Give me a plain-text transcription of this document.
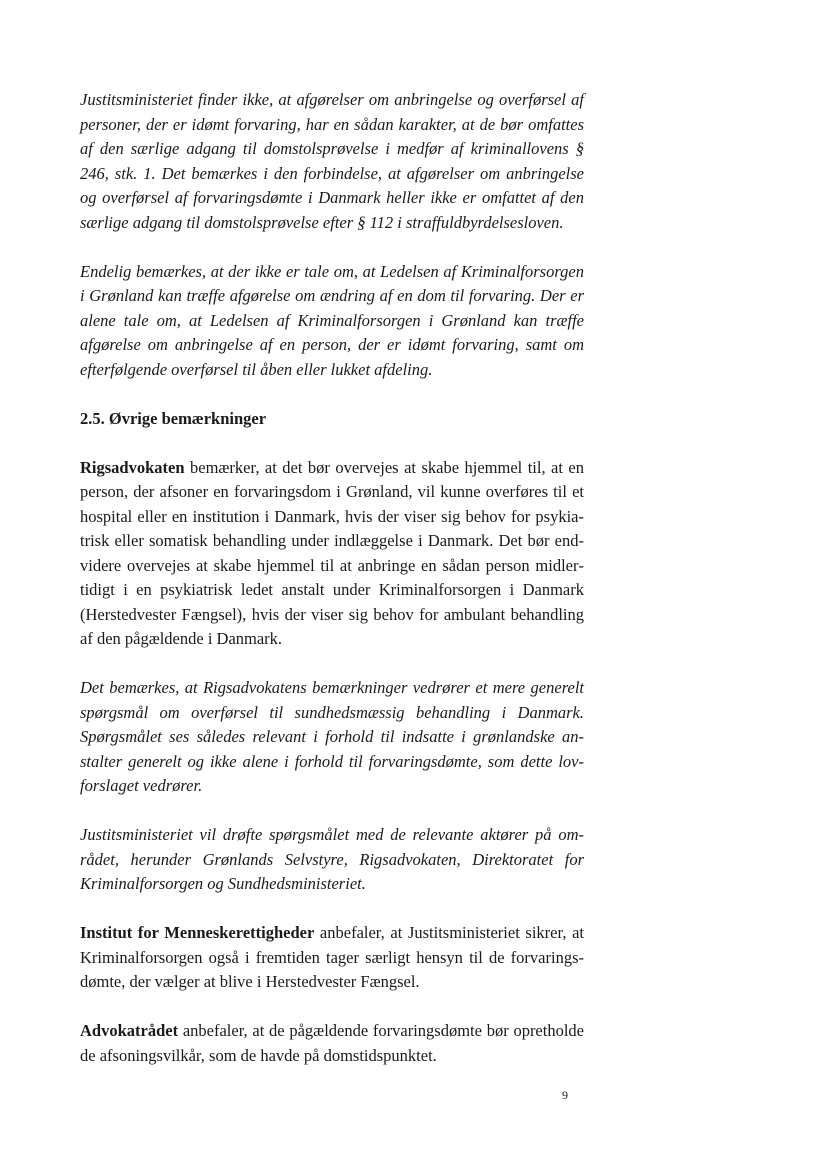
Justitsministeriet finder ikke, at afgørelser om anbringelse og overførsel af personer, der er idømt forvaring, har en sådan karakter, at de bør omfattes af den særlige adgang til domstolsprøvelse i medfør af kriminallovens § 246, stk. 1. Det bemærkes i den forbindelse, at afgørelser om anbringelse og overførsel af forvaringsdømte i Danmark heller ikke er omfattet af den særlige adgang til domstolsprøvelse efter § 112 i straffuldbyrdelsesloven.

Endelig bemærkes, at der ikke er tale om, at Ledelsen af Kriminalforsorgen i Grønland kan træffe afgørelse om ændring af en dom til forvaring. Der er alene tale om, at Ledelsen af Kriminalforsorgen i Grønland kan træffe afgørelse om anbringelse af en person, der er idømt forvaring, samt om efterfølgende overførsel til åben eller lukket afdeling.

2.5. Øvrige bemærkninger

Rigsadvokaten bemærker, at det bør overvejes at skabe hjemmel til, at en person, der afsoner en forvaringsdom i Grønland, vil kunne overføres til et hospital eller en institution i Danmark, hvis der viser sig behov for psykiatrisk eller somatisk behandling under indlæggelse i Danmark. Det bør endvidere overvejes at skabe hjemmel til at anbringe en sådan person midlertidigt i en psykiatrisk ledet anstalt under Kriminalforsorgen i Danmark (Herstedvester Fængsel), hvis der viser sig behov for ambulant behandling af den pågældende i Danmark.

Det bemærkes, at Rigsadvokatens bemærkninger vedrører et mere generelt spørgsmål om overførsel til sundhedsmæssig behandling i Danmark. Spørgsmålet ses således relevant i forhold til indsatte i grønlandske anstalter generelt og ikke alene i forhold til forvaringsdømte, som dette lovforslaget vedrører.

Justitsministeriet vil drøfte spørgsmålet med de relevante aktører på området, herunder Grønlands Selvstyre, Rigsadvokaten, Direktoratet for Kriminalforsorgen og Sundhedsministeriet.

Institut for Menneskerettigheder anbefaler, at Justitsministeriet sikrer, at Kriminalforsorgen også i fremtiden tager særligt hensyn til de forvaringsdømte, der vælger at blive i Herstedvester Fængsel.

Advokatrådet anbefaler, at de pågældende forvaringsdømte bør opretholde de afsoningsvilkår, som de havde på domstidspunktet.

9
